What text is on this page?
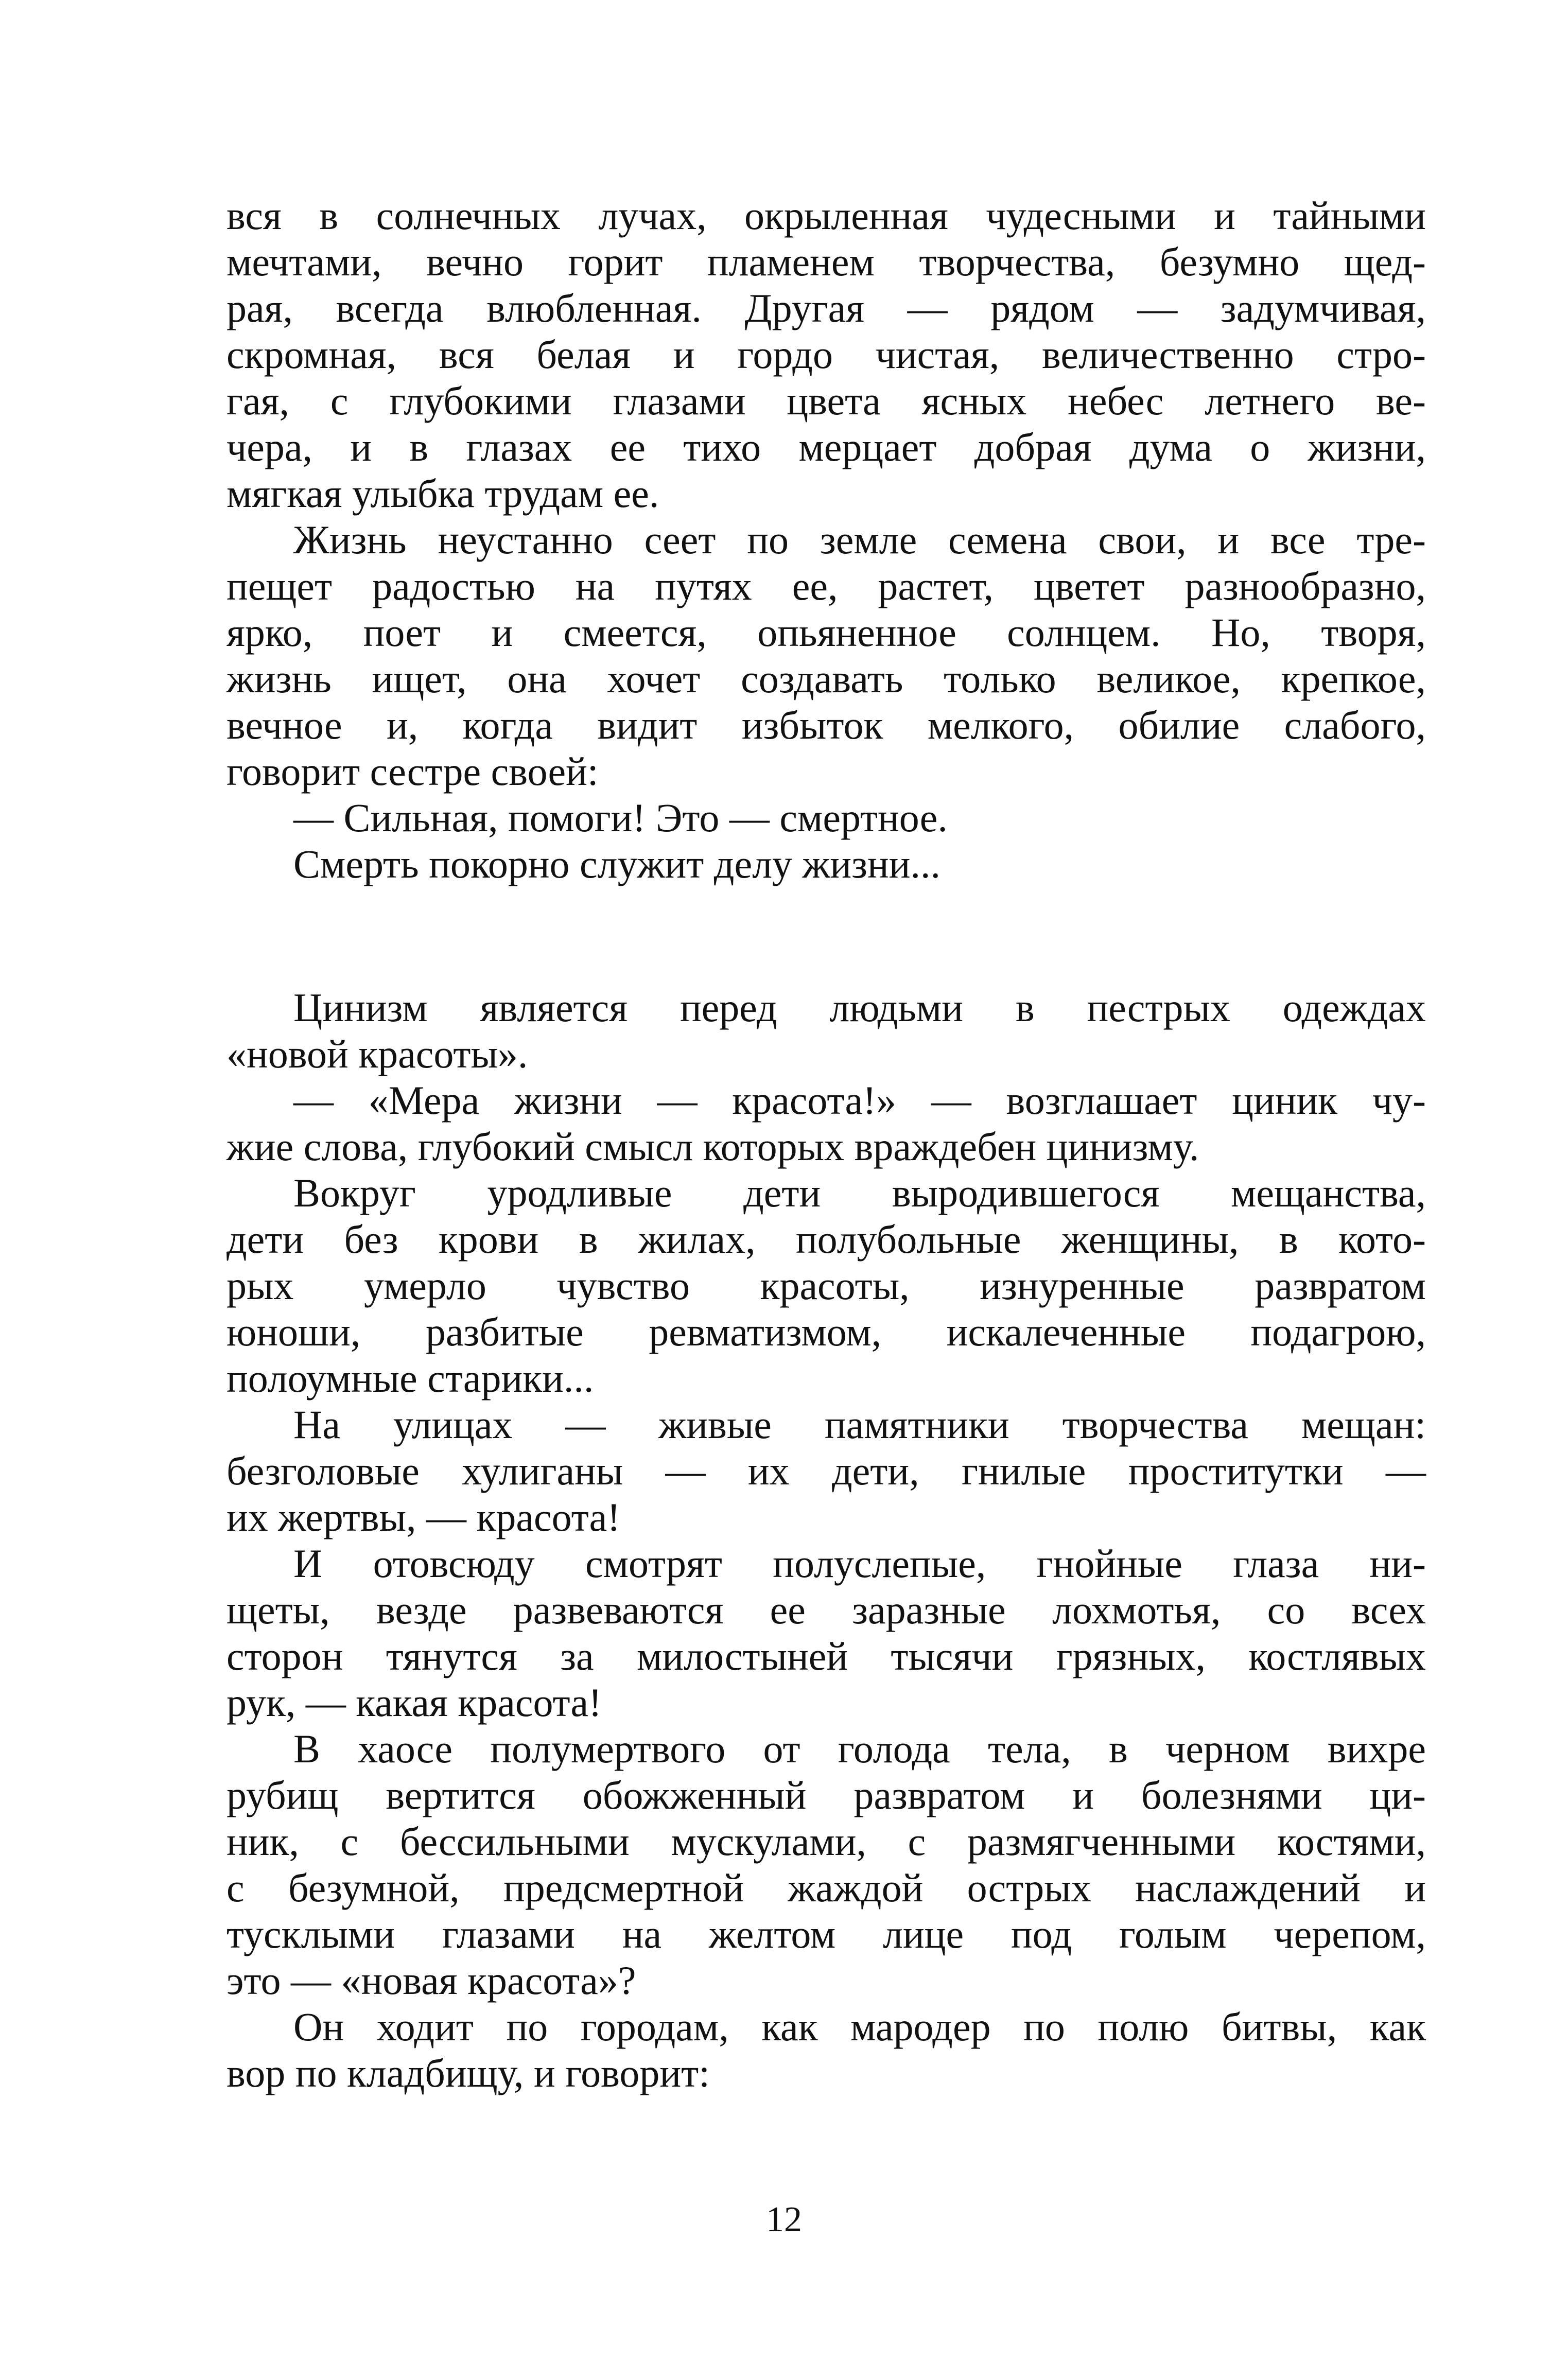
вся в солнечных лучах, окрыленная чудесными и тайными
мечтами, вечно горит пламенем творчества, безумно щед-
рая, всегда влюбленная. Другая — рядом — задумчивая,
скромная, вся белая и гордо чистая, величественно стро-
гая, с глубокими глазами цвета ясных небес летнего ве-
чера, и в глазах ее тихо мерцает добрая дума о жизни,
мягкая улыбка трудам ее.
Жизнь неустанно сеет по земле семена свои, и все тре-
пещет радостью на путях ее, растет, цветет разнообразно,
ярко, поет и смеется, опьяненное солнцем. Но, творя,
жизнь ищет, она хочет создавать только великое, крепкое,
вечное и, когда видит избыток мелкого, обилие слабого,
говорит сестре своей:
— Сильная, помоги! Это — смертное.
Смерть покорно служит делу жизни...
Цинизм является перед людьми в пестрых одеждах
«новой красоты».
— «Мера жизни — красота!» — возглашает циник чу-
жие слова, глубокий смысл которых враждебен цинизму.
Вокруг уродливые дети выродившегося мещанства,
дети без крови в жилах, полубольные женщины, в кото-
рых умерло чувство красоты, изнуренные развратом
юноши, разбитые ревматизмом, искалеченные подагрою,
полоумные старики...
На улицах — живые памятники творчества мещан:
безголовые хулиганы — их дети, гнилые проститутки —
их жертвы, — красота!
И отовсюду смотрят полуслепые, гнойные глаза ни-
щеты, везде развеваются ее заразные лохмотья, со всех
сторон тянутся за милостыней тысячи грязных, костлявых
рук, — какая красота!
В хаосе полумертвого от голода тела, в черном вихре
рубищ вертится обожженный развратом и болезнями ци-
ник, с бессильными мускулами, с размягченными костями,
с безумной, предсмертной жаждой острых наслаждений и
тусклыми глазами на желтом лице под голым черепом,
это — «новая красота»?
Он ходит по городам, как мародер по полю битвы, как
вор по кладбищу, и говорит:
12
